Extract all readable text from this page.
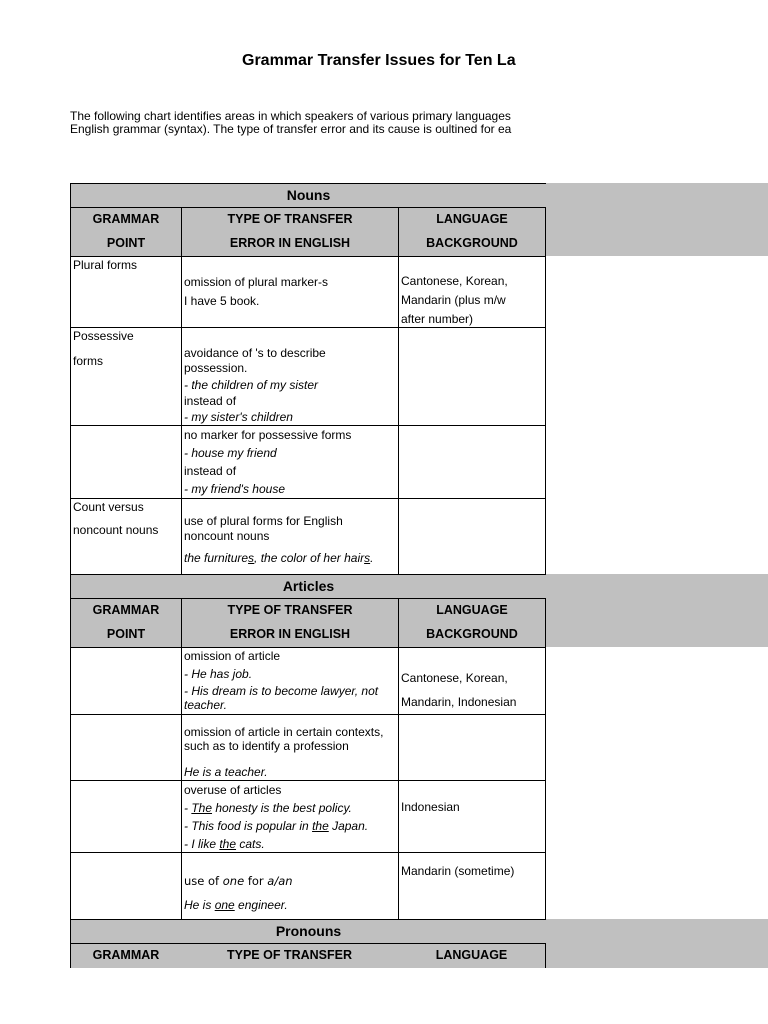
Grammar Transfer Issues for Ten La
The following chart identifies areas in which speakers of various primary languages
English grammar (syntax). The type of transfer error and its cause is oultined for ea
Nouns
GRAMMAR
POINT
TYPE OF TRANSFER
ERROR IN ENGLISH
LANGUAGE
BACKGROUND
Plural forms
omission of plural marker-s
I have 5 book.
Cantonese, Korean,
Mandarin (plus m/w
after number)
Possessive
forms
avoidance of 's to describe
possession.
- the children of my sister
instead of
- my sister's children
no marker for possessive forms
- house my friend
instead of
- my friend's house
Count versus
noncount nouns
use of plural forms for English
noncount nouns
the furnitures, the color of her hairs.
Articles
GRAMMAR
POINT
TYPE OF TRANSFER
ERROR IN ENGLISH
LANGUAGE
BACKGROUND
omission of article
- He has job.
- His dream is to become lawyer, not
teacher.
Cantonese, Korean,
Mandarin, Indonesian
omission of article in certain contexts,
such as to identify a profession
He is a teacher.
overuse of articles
- The honesty is the best policy.
- This food is popular in the Japan.
- I like the cats.
Indonesian
use of one for a/an
He is one engineer.
Mandarin (sometime)
Pronouns
GRAMMAR	TYPE OF TRANSFER	LANGUAGE
